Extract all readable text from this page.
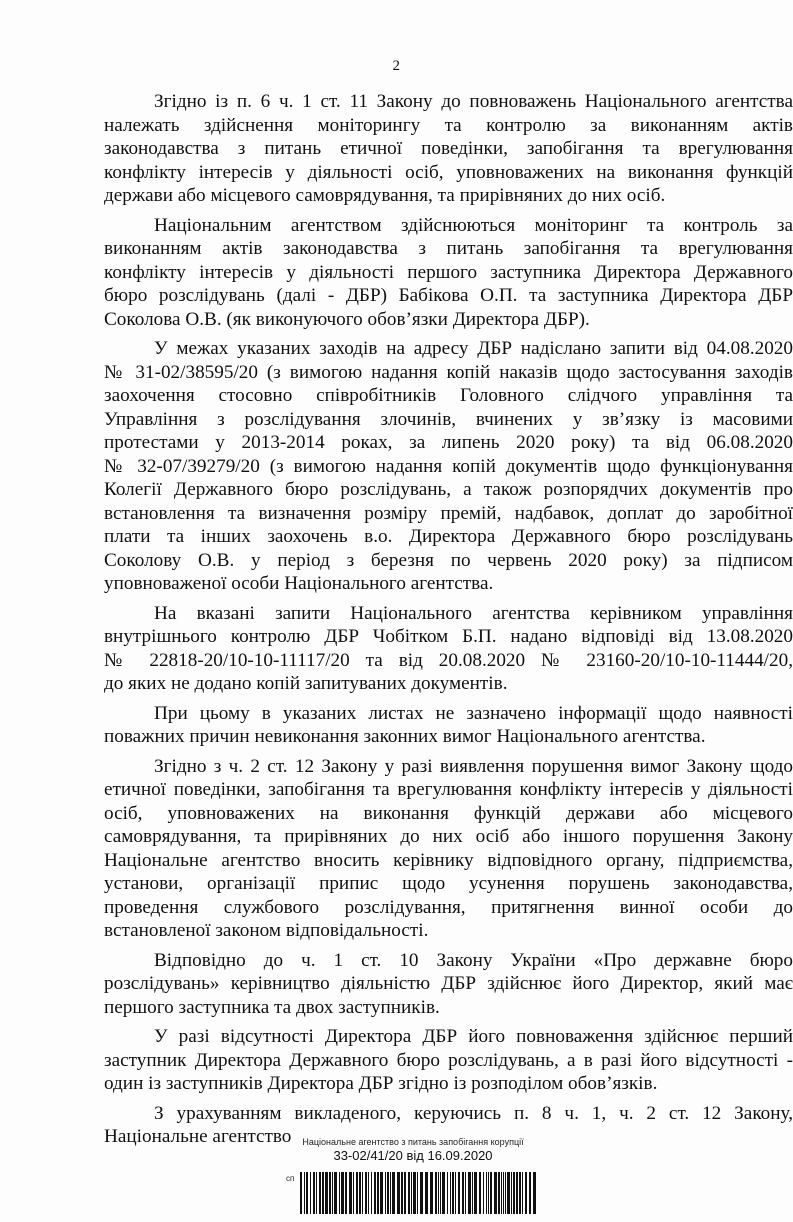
2

Згідно із п. 6 ч. 1 ст. 11 Закону до повноважень Національного агентства
належать здійснення моніторингу та контролю за виконанням актів
законодавства з питань етичної поведінки, запобігання та врегулювання
конфлікту інтересів у діяльності осіб, уповноважених на виконання функцій
держави або місцевого самоврядування, та прирівняних до них осіб.

Національним агентством здійснюються моніторинг та контроль за
виконанням актів законодавства з питань запобігання та врегулювання
конфлікту інтересів у діяльності першого заступника Директора Державного
бюро розслідувань (далі - ДБР) Бабікова О.П. та заступника Директора ДБР
Соколова О.В. (як виконуючого обов’язки Директора ДБР).

У межах указаних заходів на адресу ДБР надіслано запити від 04.08.2020
№ 31-02/38595/20 (з вимогою надання копій наказів щодо застосування заходів
заохочення стосовно співробітників Головного слідчого управління та
Управління з розслідування злочинів, вчинених у зв’язку із масовими
протестами у 2013-2014 роках, за липень 2020 року) та від 06.08.2020
№ 32-07/39279/20 (з вимогою надання копій документів щодо функціонування
Колегії Державного бюро розслідувань, а також розпорядчих документів про
встановлення та визначення розміру премій, надбавок, доплат до заробітної
плати та інших заохочень в.о. Директора Державного бюро розслідувань
Соколову О.В. у період з березня по червень 2020 року) за підписом
уповноваженої особи Національного агентства.

На вказані запити Національного агентства керівником управління
внутрішнього контролю ДБР Чобітком Б.П. надано відповіді від 13.08.2020
№ 22818-20/10-10-11117/20 та від 20.08.2020 № 23160-20/10-10-11444/20,
до яких не додано копій запитуваних документів.

При цьому в указаних листах не зазначено інформації щодо наявності
поважних причин невиконання законних вимог Національного агентства.

Згідно з ч. 2 ст. 12 Закону у разі виявлення порушення вимог Закону щодо
етичної поведінки, запобігання та врегулювання конфлікту інтересів у діяльності
осіб, уповноважених на виконання функцій держави або місцевого
самоврядування, та прирівняних до них осіб або іншого порушення Закону
Національне агентство вносить керівнику відповідного органу, підприємства,
установи, організації припис щодо усунення порушень законодавства,
проведення службового розслідування, притягнення винної особи до
встановленої законом відповідальності.

Відповідно до ч. 1 ст. 10 Закону України «Про державне бюро
розслідувань» керівництво діяльністю ДБР здійснює його Директор, який має
першого заступника та двох заступників.

У разі відсутності Директора ДБР його повноваження здійснює перший
заступник Директора Державного бюро розслідувань, а в разі його відсутності -
один із заступників Директора ДБР згідно із розподілом обов’язків.

З урахуванням викладеного, керуючись п. 8 ч. 1, ч. 2 ст. 12 Закону,
Національне агентство	Національне агентство з питань запобігання корупції
33-02/41/20 від 16.09.2020
сп
